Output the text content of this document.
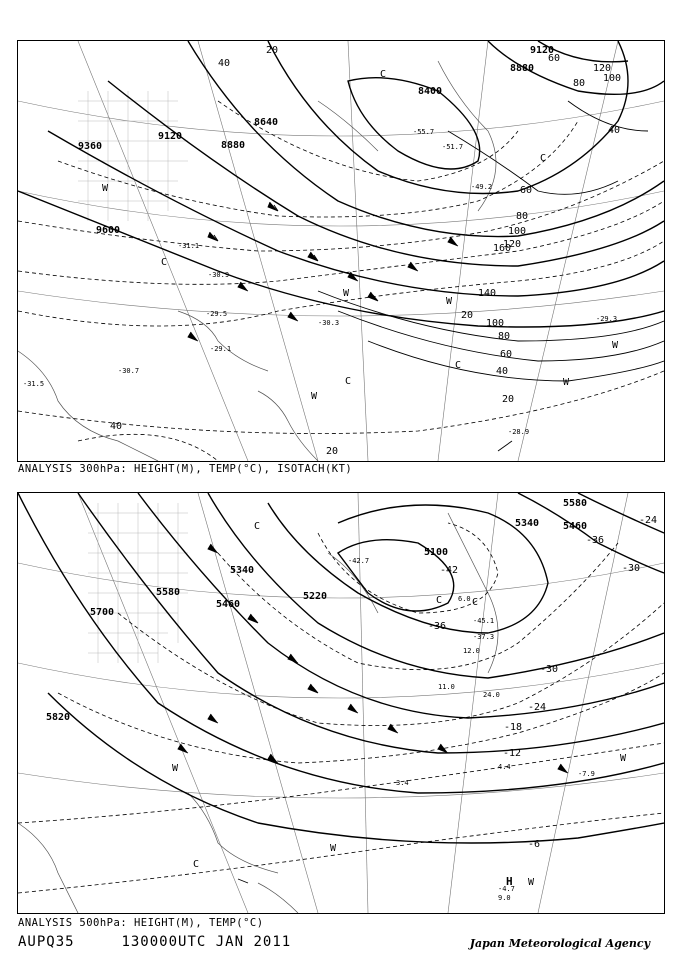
9120
9360
9600
8880
8640
8400
8880
9120
20
40	60
80 100
120
140
160
100
80
60
40
20
20
40
60
80
100
120
20
40
-55.7
-51.7
-49.2
-31.1
-30.9
-29.5
-29.1
-28.9
-31.5
-30.7
-29.3
-30.3
W
C
C
W
W
C
W
C	W
W
C
ANALYSIS 300hPa: HEIGHT(M), TEMP(°C), ISOTACH(KT)
5700
5580
5460
5340
5220
5100
5820
5580
5460
5340
-42
-36
-30
-24
-18
-12
-6
-30
-24
-36
-42.7
-45.1
-37.3
-4.7
-7.9
6.0
12.0
24.0
11.0
4.4
9.0
3.4
C
C	C
W
C
W
H W
W
ANALYSIS 500hPa: HEIGHT(M), TEMP(°C)
AUPQ35	130000UTC JAN 2011	Japan Meteorological Agency
